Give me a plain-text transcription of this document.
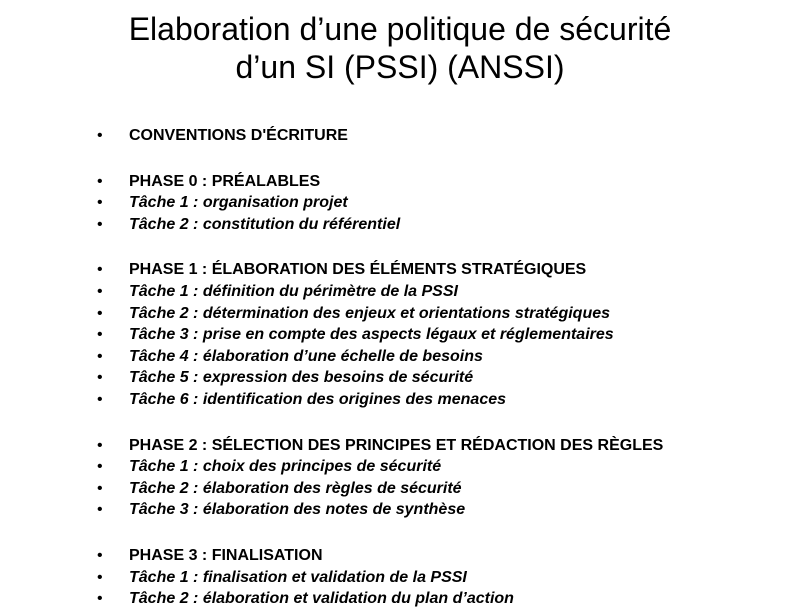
Elaboration d’une politique de sécurité
d’un SI (PSSI) (ANSSI)
• CONVENTIONS D'ÉCRITURE
• PHASE 0 : PRÉALABLES
• Tâche 1 : organisation projet
• Tâche 2 : constitution du référentiel
• PHASE 1 : ÉLABORATION DES ÉLÉMENTS STRATÉGIQUES
• Tâche 1 : définition du périmètre de la PSSI
• Tâche 2 : détermination des enjeux et orientations stratégiques
• Tâche 3 : prise en compte des aspects légaux et réglementaires
• Tâche 4 : élaboration d’une échelle de besoins
• Tâche 5 : expression des besoins de sécurité
• Tâche 6 : identification des origines des menaces
• PHASE 2 : SÉLECTION DES PRINCIPES ET RÉDACTION DES RÈGLES
• Tâche 1 : choix des principes de sécurité
• Tâche 2 : élaboration des règles de sécurité
• Tâche 3 : élaboration des notes de synthèse
• PHASE 3 : FINALISATION
• Tâche 1 : finalisation et validation de la PSSI
• Tâche 2 : élaboration et validation du plan d’action
